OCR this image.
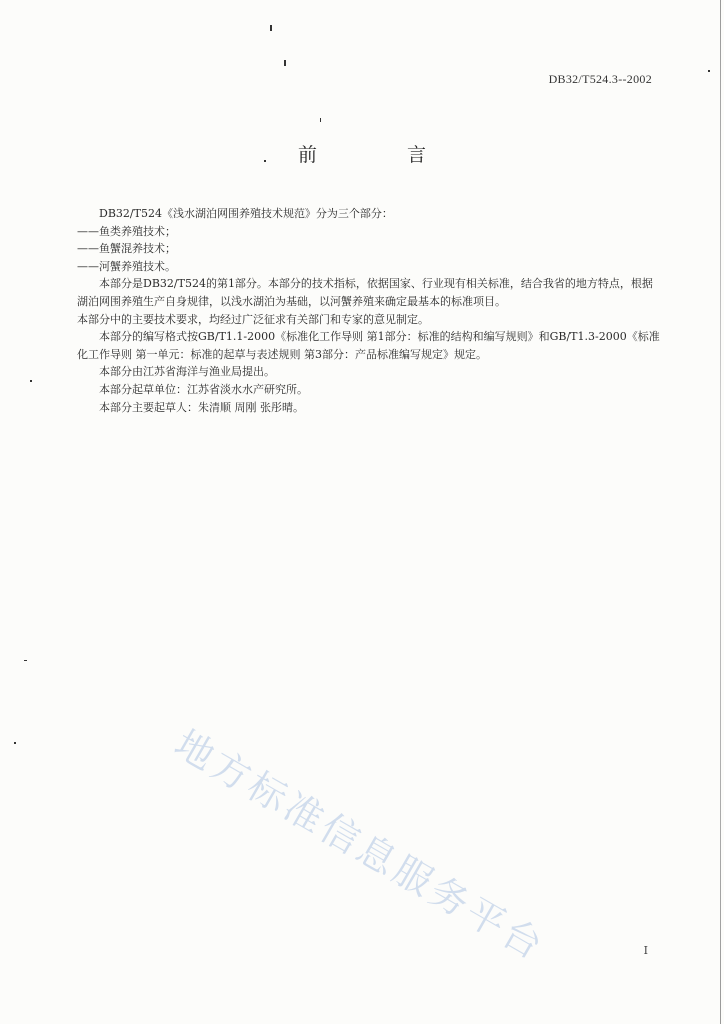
DB32/T524.3--2002
前 言

DB32/T524《浅水湖泊网围养殖技术规范》分为三个部分：

——鱼类养殖技术；

——鱼蟹混养技术；

——河蟹养殖技术。

本部分是DB32/T524的第1部分。本部分的技术指标，依据国家、行业现有相关标准，结合我省的地方特点，根据湖泊网围养殖生产自身规律，以浅水湖泊为基础，以河蟹养殖来确定最基本的标准项目。

本部分中的主要技术要求，均经过广泛征求有关部门和专家的意见制定。

本部分的编写格式按GB/T1.1-2000《标准化工作导则 第1部分：标准的结构和编写规则》和GB/T1.3-2000《标准化工作导则 第一单元：标准的起草与表述规则 第3部分：产品标准编写规定》规定。

本部分由江苏省海洋与渔业局提出。

本部分起草单位：江苏省淡水水产研究所。

本部分主要起草人：朱清顺 周刚 张彤晴。

地方标准信息服务平台	I
